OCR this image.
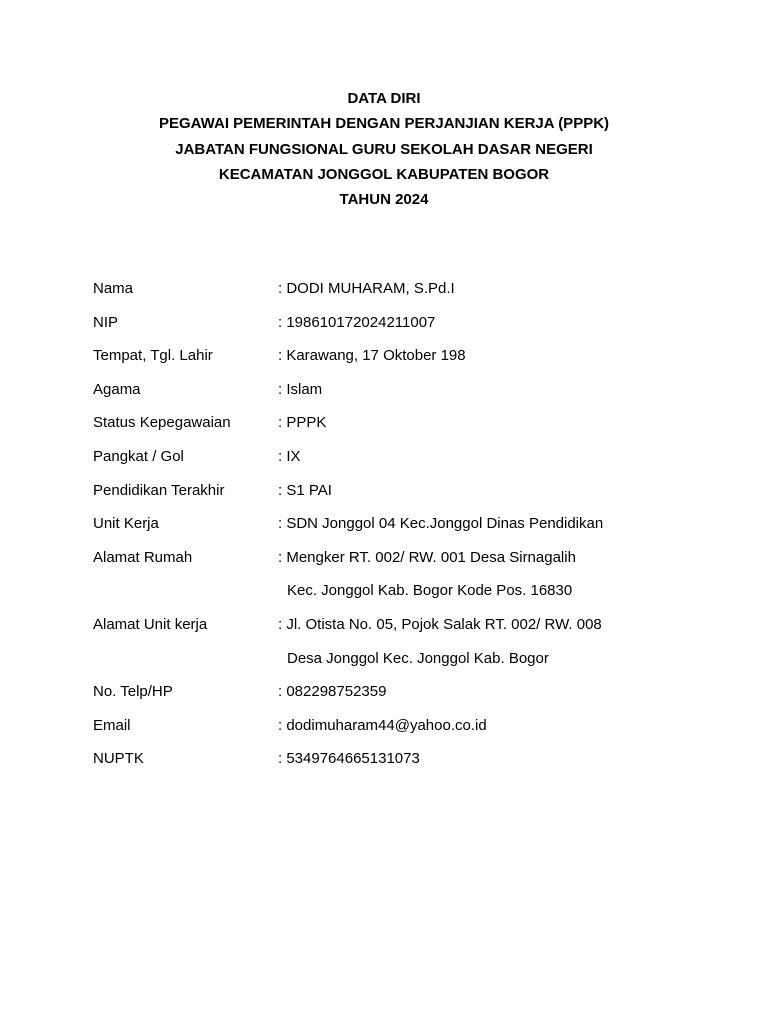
DATA DIRI
PEGAWAI PEMERINTAH DENGAN PERJANJIAN KERJA (PPPK)
JABATAN FUNGSIONAL GURU SEKOLAH DASAR NEGERI
KECAMATAN JONGGOL KABUPATEN BOGOR
TAHUN 2024
Nama	: DODI MUHARAM, S.Pd.I
NIP	: 198610172024211007
Tempat, Tgl. Lahir	: Karawang, 17 Oktober 198
Agama	: Islam
Status Kepegawaian	: PPPK
Pangkat / Gol	: IX
Pendidikan Terakhir	: S1 PAI
Unit Kerja	: SDN Jonggol 04 Kec.Jonggol Dinas Pendidikan
Alamat Rumah	: Mengker RT. 002/ RW. 001 Desa Sirnagalih
Kec. Jonggol Kab. Bogor Kode Pos. 16830
Alamat Unit kerja	: Jl. Otista No. 05, Pojok Salak RT. 002/ RW. 008
Desa Jonggol Kec. Jonggol Kab. Bogor
No. Telp/HP	: 082298752359
Email	: dodimuharam44@yahoo.co.id
NUPTK	: 5349764665131073
